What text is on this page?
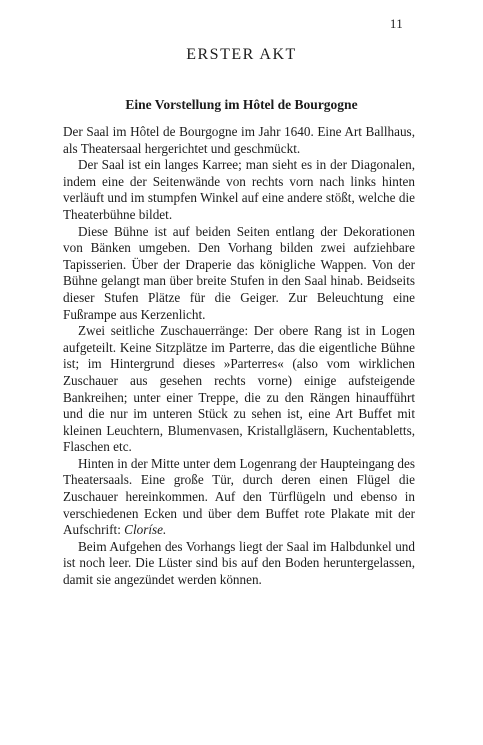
11
ERSTER AKT
Eine Vorstellung im Hôtel de Bourgogne

Der Saal im Hôtel de Bourgogne im Jahr 1640. Eine Art Ballhaus, als Theatersaal hergerichtet und geschmückt.

Der Saal ist ein langes Karree; man sieht es in der Diagonalen, indem eine der Seitenwände von rechts vorn nach links hinten verläuft und im stumpfen Winkel auf eine andere stößt, welche die Theaterbühne bildet.

Diese Bühne ist auf beiden Seiten entlang der Dekorationen von Bänken umgeben. Den Vorhang bilden zwei aufziehbare Tapisserien. Über der Draperie das königliche Wappen. Von der Bühne gelangt man über breite Stufen in den Saal hinab. Beidseits dieser Stufen Plätze für die Geiger. Zur Beleuchtung eine Fußrampe aus Kerzenlicht.

Zwei seitliche Zuschauerränge: Der obere Rang ist in Logen aufgeteilt. Keine Sitzplätze im Parterre, das die eigentliche Bühne ist; im Hintergrund dieses »Parterres« (also vom wirklichen Zuschauer aus gesehen rechts vorne) einige aufsteigende Bankreihen; unter einer Treppe, die zu den Rängen hinaufführt und die nur im unteren Stück zu sehen ist, eine Art Buffet mit kleinen Leuchtern, Blumenvasen, Kristallgläsern, Kuchentabletts, Flaschen etc.

Hinten in der Mitte unter dem Logenrang der Haupteingang des Theatersaals. Eine große Tür, durch deren einen Flügel die Zuschauer hereinkommen. Auf den Türflügeln und ebenso in verschiedenen Ecken und über dem Buffet rote Plakate mit der Aufschrift: Cloríse.

Beim Aufgehen des Vorhangs liegt der Saal im Halbdunkel und ist noch leer. Die Lüster sind bis auf den Boden heruntergelassen, damit sie angezündet werden können.
